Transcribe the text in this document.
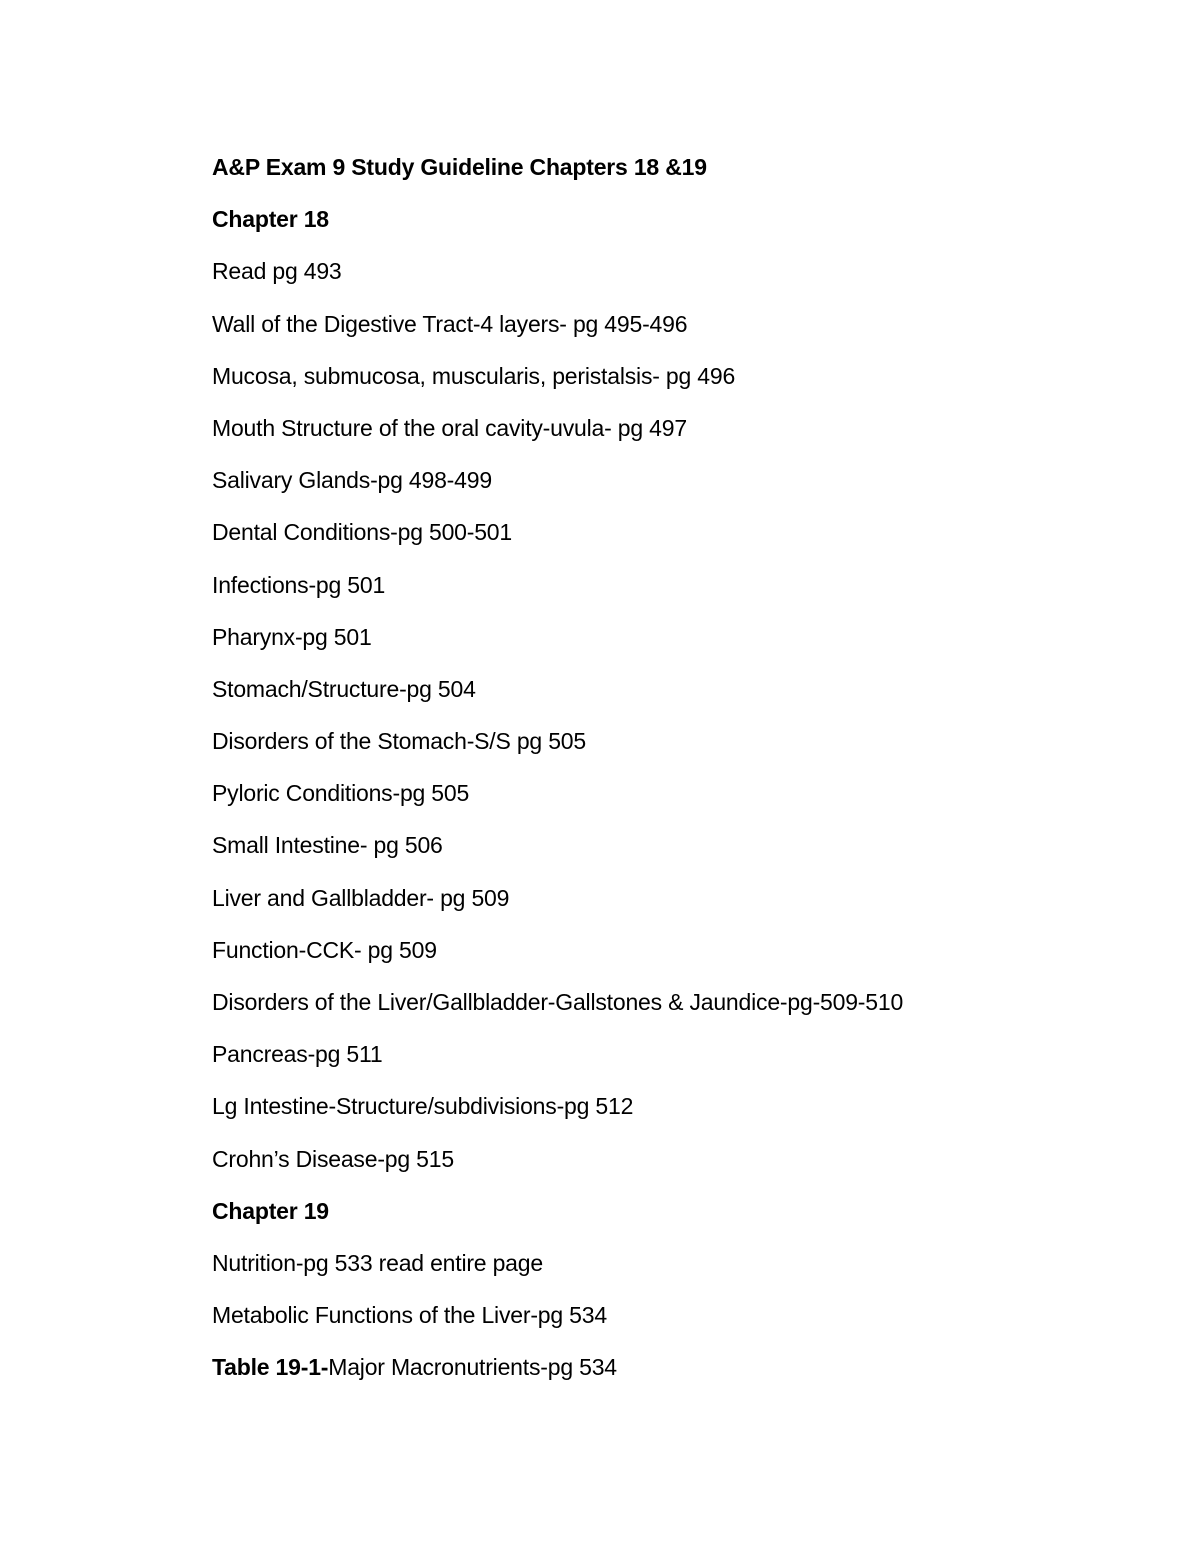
A&P Exam 9 Study Guideline Chapters 18 &19
Chapter 18
Read pg 493
Wall of the Digestive Tract-4 layers- pg 495-496
Mucosa, submucosa, muscularis, peristalsis- pg 496
Mouth Structure of the oral cavity-uvula- pg 497
Salivary Glands-pg 498-499
Dental Conditions-pg 500-501
Infections-pg 501
Pharynx-pg 501
Stomach/Structure-pg 504
Disorders of the Stomach-S/S pg 505
Pyloric Conditions-pg 505
Small Intestine- pg 506
Liver and Gallbladder- pg 509
Function-CCK- pg 509
Disorders of the Liver/Gallbladder-Gallstones & Jaundice-pg-509-510
Pancreas-pg 511
Lg Intestine-Structure/subdivisions-pg 512
Crohn’s Disease-pg 515
Chapter 19
Nutrition-pg 533 read entire page
Metabolic Functions of the Liver-pg 534
Table 19-1-Major Macronutrients-pg 534
